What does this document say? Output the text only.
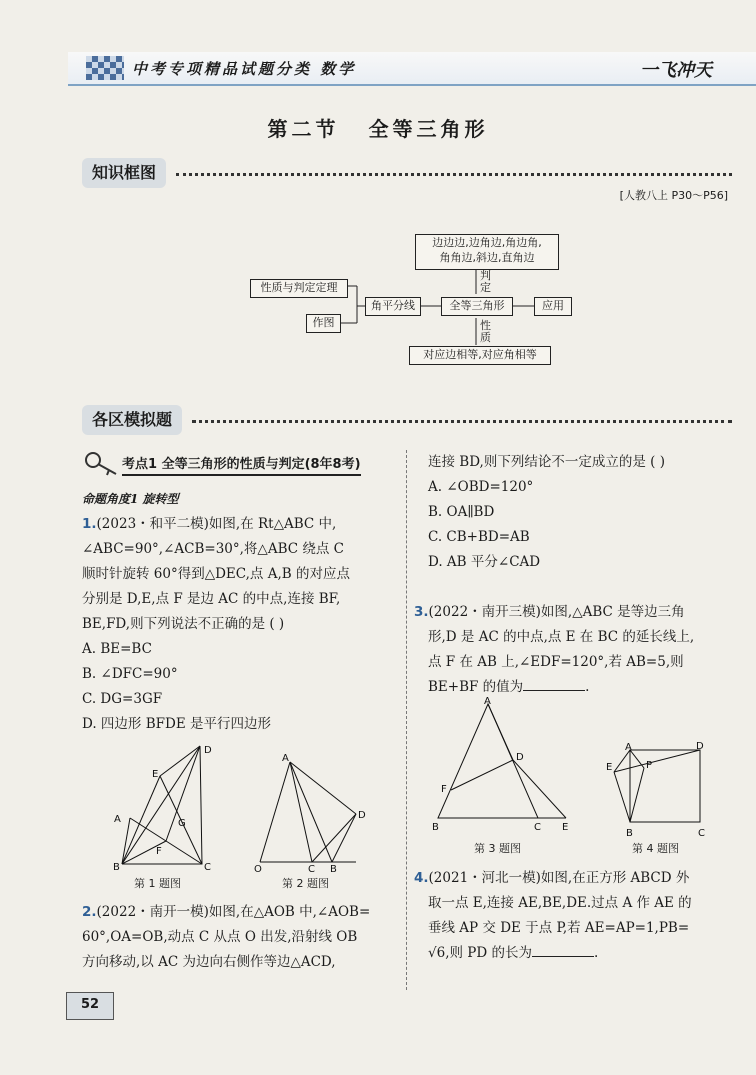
中考专项精品试题分类 数学	一飞冲天
第二节 全等三角形
知识框图
[人教八上 P30～P56]
边边边,边角边,角边角,
角角边,斜边,直角边
判定
性质与判定定理
作图
角平分线	全等三角形	应用
性质
对应边相等,对应角相等
各区模拟题
考点1 全等三角形的性质与判定(8年8考)
命题角度1 旋转型
1.(2023・和平二模)如图,在 Rt△ABC 中,
∠ABC=90°,∠ACB=30°,将△ABC 绕点 C
顺时针旋转 60°得到△DEC,点 A,B 的对应点
分别是 D,E,点 F 是边 AC 的中点,连接 BF,
BE,FD,则下列说法不正确的是 ( )
A. BE=BC
B. ∠DFC=90°
C. DG=3GF
D. 四边形 BFDE 是平行四边形
D
E
A	G
F
B	C
第 1 题图
A
D
O	C B
第 2 题图
2.(2022・南开一模)如图,在△AOB 中,∠AOB=
60°,OA=OB,动点 C 从点 O 出发,沿射线 OB
方向移动,以 AC 为边向右侧作等边△ACD,
连接 BD,则下列结论不一定成立的是 ( )
A. ∠OBD=120°
B. OA∥BD
C. CB+BD=AB
D. AB 平分∠CAD
3.(2022・南开三模)如图,△ABC 是等边三角
形,D 是 AC 的中点,点 E 在 BC 的延长线上,
点 F 在 AB 上,∠EDF=120°,若 AB=5,则
BE+BF 的值为	.
A
D
F
B	C E
第 3 题图
A	D
E	P
B	C
第 4 题图
4.(2021・河北一模)如图,在正方形 ABCD 外
取一点 E,连接 AE,BE,DE.过点 A 作 AE 的
垂线 AP 交 DE 于点 P,若 AE=AP=1,PB=
√6,则 PD 的长为	.
52
